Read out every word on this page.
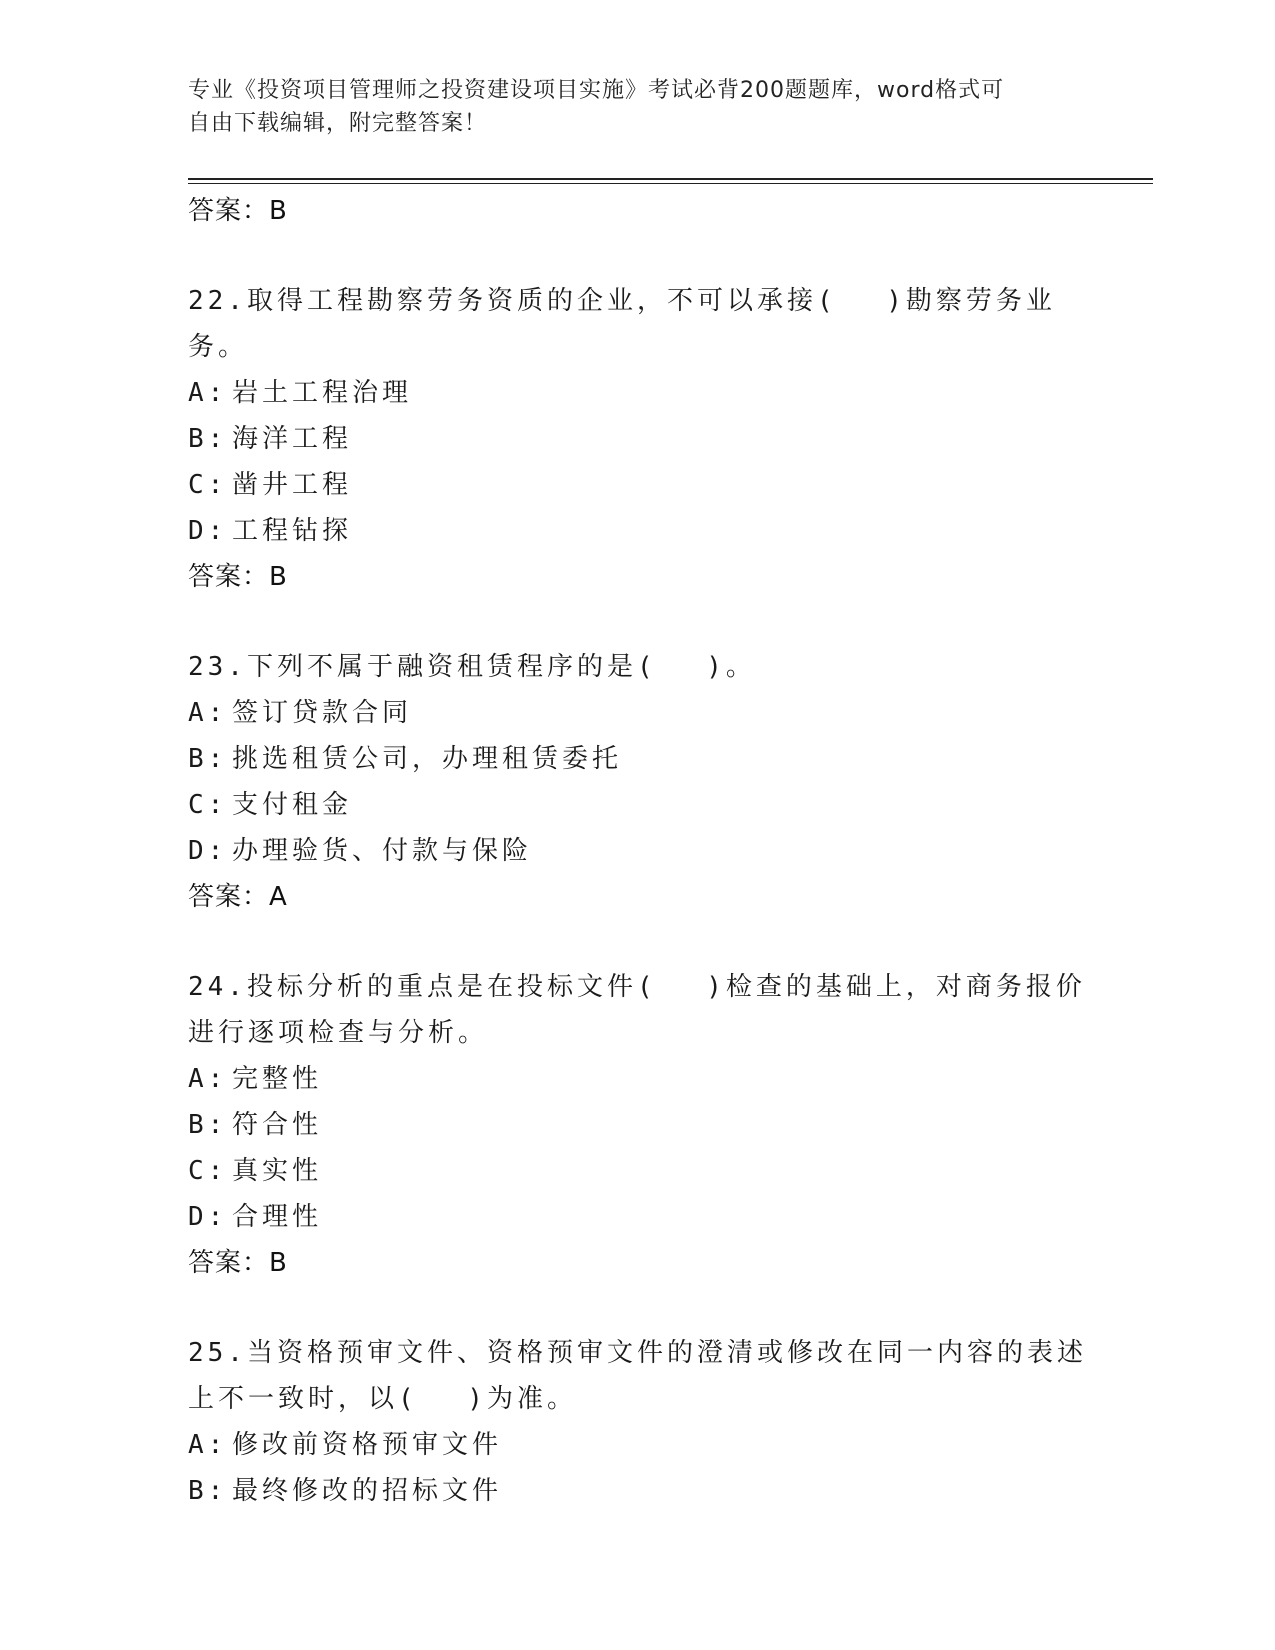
专业《投资项目管理师之投资建设项目实施》考试必背200题题库，word格式可
自由下载编辑，附完整答案！
答案：B
22.取得工程勘察劳务资质的企业，不可以承接(　 )勘察劳务业务。
A: 岩土工程治理
B: 海洋工程
C: 凿井工程
D: 工程钻探
答案：B
23.下列不属于融资租赁程序的是(　 )。
A: 签订贷款合同
B: 挑选租赁公司，办理租赁委托
C: 支付租金
D: 办理验货、付款与保险
答案：A
24.投标分析的重点是在投标文件(　 )检查的基础上，对商务报价进行逐项检查与分析。
A: 完整性
B: 符合性
C: 真实性
D: 合理性
答案：B
25.当资格预审文件、资格预审文件的澄清或修改在同一内容的表述上不一致时，以(　 )为准。
A: 修改前资格预审文件
B: 最终修改的招标文件
